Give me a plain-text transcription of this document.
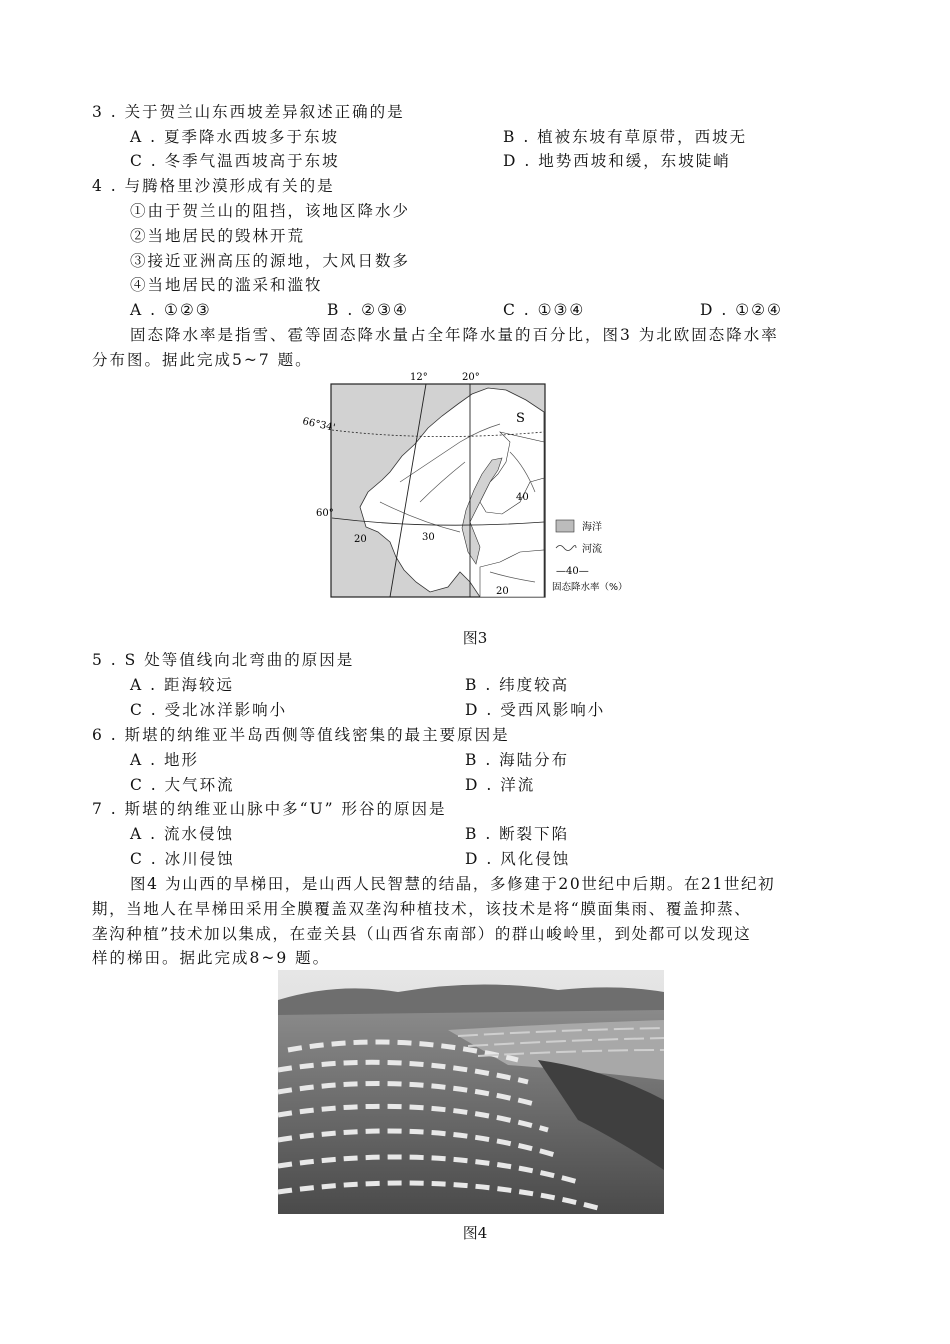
3 . 关于贺兰山东西坡差异叙述正确的是
A . 夏季降水西坡多于东坡	B . 植被东坡有草原带，西坡无
C . 冬季气温西坡高于东坡	D . 地势西坡和缓，东坡陡峭
4 . 与腾格里沙漠形成有关的是
①由于贺兰山的阻挡，该地区降水少
②当地居民的毁林开荒
③接近亚洲高压的源地，大风日数多
④当地居民的滥采和滥牧
A . ①②③	B . ②③④	C . ①③④	D . ①②④
固态降水率是指雪、雹等固态降水量占全年降水量的百分比，图3 为北欧固态降水率
分布图。据此完成5~7 题。
12°	20°
66°34'
60°
S
20
20
30
40
海洋
河流
—40—
固态降水率（%）
图3
5 . S 处等值线向北弯曲的原因是
A . 距海较远	B . 纬度较高
C . 受北冰洋影响小	D . 受西风影响小
6 . 斯堪的纳维亚半岛西侧等值线密集的最主要原因是
A . 地形	B . 海陆分布
C . 大气环流	D . 洋流
7 . 斯堪的纳维亚山脉中多“U” 形谷的原因是
A . 流水侵蚀	B . 断裂下陷
C . 冰川侵蚀	D . 风化侵蚀
图4 为山西的旱梯田，是山西人民智慧的结晶，多修建于20世纪中后期。在21世纪初
期，当地人在旱梯田采用全膜覆盖双垄沟种植技术，该技术是将“膜面集雨、覆盖抑蒸、
垄沟种植”技术加以集成，在壶关县（山西省东南部）的群山峻岭里，到处都可以发现这
样的梯田。据此完成8~9 题。
图4
